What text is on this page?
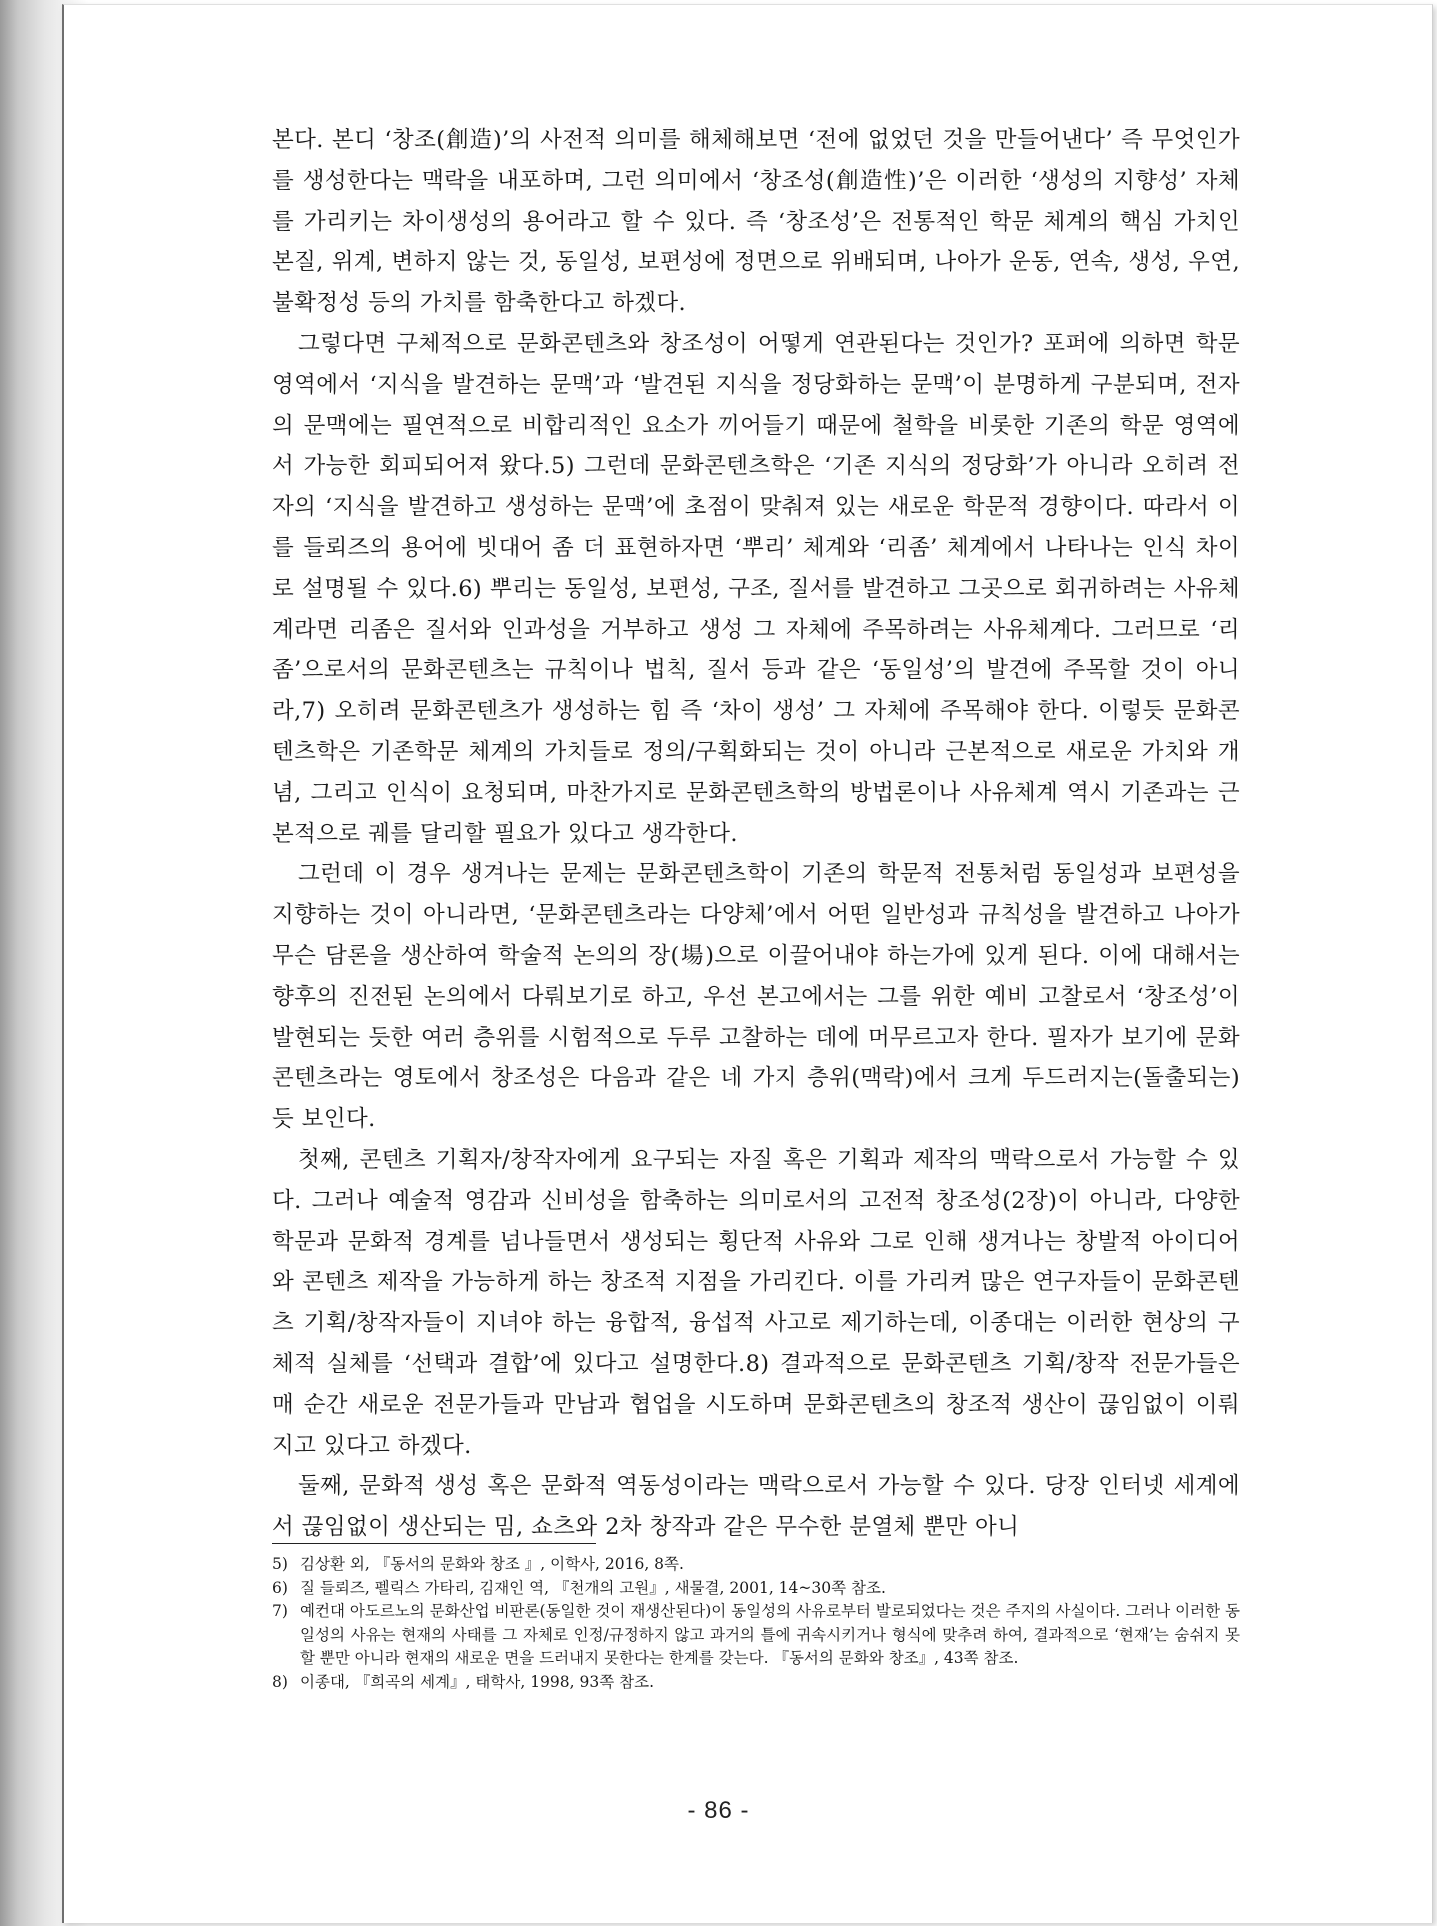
본다. 본디 ‘창조(創造)’의 사전적 의미를 해체해보면 ‘전에 없었던 것을 만들어낸다’ 즉 무엇인가를 생성한다는 맥락을 내포하며, 그런 의미에서 ‘창조성(創造性)’은 이러한 ‘생성의 지향성’ 자체를 가리키는 차이생성의 용어라고 할 수 있다. 즉 ‘창조성’은 전통적인 학문 체계의 핵심 가치인 본질, 위계, 변하지 않는 것, 동일성, 보편성에 정면으로 위배되며, 나아가 운동, 연속, 생성, 우연, 불확정성 등의 가치를 함축한다고 하겠다.

그렇다면 구체적으로 문화콘텐츠와 창조성이 어떻게 연관된다는 것인가? 포퍼에 의하면 학문 영역에서 ‘지식을 발견하는 문맥’과 ‘발견된 지식을 정당화하는 문맥’이 분명하게 구분되며, 전자의 문맥에는 필연적으로 비합리적인 요소가 끼어들기 때문에 철학을 비롯한 기존의 학문 영역에서 가능한 회피되어져 왔다.5) 그런데 문화콘텐츠학은 ‘기존 지식의 정당화’가 아니라 오히려 전자의 ‘지식을 발견하고 생성하는 문맥’에 초점이 맞춰져 있는 새로운 학문적 경향이다. 따라서 이를 들뢰즈의 용어에 빗대어 좀 더 표현하자면 ‘뿌리’ 체계와 ‘리좀’ 체계에서 나타나는 인식 차이로 설명될 수 있다.6) 뿌리는 동일성, 보편성, 구조, 질서를 발견하고 그곳으로 회귀하려는 사유체계라면 리좀은 질서와 인과성을 거부하고 생성 그 자체에 주목하려는 사유체계다. 그러므로 ‘리좀’으로서의 문화콘텐츠는 규칙이나 법칙, 질서 등과 같은 ‘동일성’의 발견에 주목할 것이 아니라,7) 오히려 문화콘텐츠가 생성하는 힘 즉 ‘차이 생성’ 그 자체에 주목해야 한다. 이렇듯 문화콘텐츠학은 기존학문 체계의 가치들로 정의/구획화되는 것이 아니라 근본적으로 새로운 가치와 개념, 그리고 인식이 요청되며, 마찬가지로 문화콘텐츠학의 방법론이나 사유체계 역시 기존과는 근본적으로 궤를 달리할 필요가 있다고 생각한다.

그런데 이 경우 생겨나는 문제는 문화콘텐츠학이 기존의 학문적 전통처럼 동일성과 보편성을 지향하는 것이 아니라면, ‘문화콘텐츠라는 다양체’에서 어떤 일반성과 규칙성을 발견하고 나아가 무슨 담론을 생산하여 학술적 논의의 장(場)으로 이끌어내야 하는가에 있게 된다. 이에 대해서는 향후의 진전된 논의에서 다뤄보기로 하고, 우선 본고에서는 그를 위한 예비 고찰로서 ‘창조성’이 발현되는 듯한 여러 층위를 시험적으로 두루 고찰하는 데에 머무르고자 한다. 필자가 보기에 문화콘텐츠라는 영토에서 창조성은 다음과 같은 네 가지 층위(맥락)에서 크게 두드러지는(돌출되는) 듯 보인다.

첫째, 콘텐츠 기획자/창작자에게 요구되는 자질 혹은 기획과 제작의 맥락으로서 가능할 수 있다. 그러나 예술적 영감과 신비성을 함축하는 의미로서의 고전적 창조성(2장)이 아니라, 다양한 학문과 문화적 경계를 넘나들면서 생성되는 횡단적 사유와 그로 인해 생겨나는 창발적 아이디어와 콘텐츠 제작을 가능하게 하는 창조적 지점을 가리킨다. 이를 가리켜 많은 연구자들이 문화콘텐츠 기획/창작자들이 지녀야 하는 융합적, 융섭적 사고로 제기하는데, 이종대는 이러한 현상의 구체적 실체를 ‘선택과 결합’에 있다고 설명한다.8) 결과적으로 문화콘텐츠 기획/창작 전문가들은 매 순간 새로운 전문가들과 만남과 협업을 시도하며 문화콘텐츠의 창조적 생산이 끊임없이 이뤄지고 있다고 하겠다.

둘째, 문화적 생성 혹은 문화적 역동성이라는 맥락으로서 가능할 수 있다. 당장 인터넷 세계에서 끊임없이 생산되는 밈, 쇼츠와 2차 창작과 같은 무수한 분열체 뿐만 아니

5) 김상환 외, 『동서의 문화와 창조 』, 이학사, 2016, 8쪽.
6) 질 들뢰즈, 펠릭스 가타리, 김재인 역, 『천개의 고원』, 새물결, 2001, 14~30쪽 참조.
7) 예컨대 아도르노의 문화산업 비판론(동일한 것이 재생산된다)이 동일성의 사유로부터 발로되었다는 것은 주지의 사실이다. 그러나 이러한 동일성의 사유는 현재의 사태를 그 자체로 인정/규정하지 않고 과거의 틀에 귀속시키거나 형식에 맞추려 하여, 결과적으로 ‘현재’는 숨쉬지 못할 뿐만 아니라 현재의 새로운 면을 드러내지 못한다는 한계를 갖는다. 『동서의 문화와 창조』, 43쪽 참조.
8) 이종대, 『희곡의 세계』, 태학사, 1998, 93쪽 참조.
- 86 -
